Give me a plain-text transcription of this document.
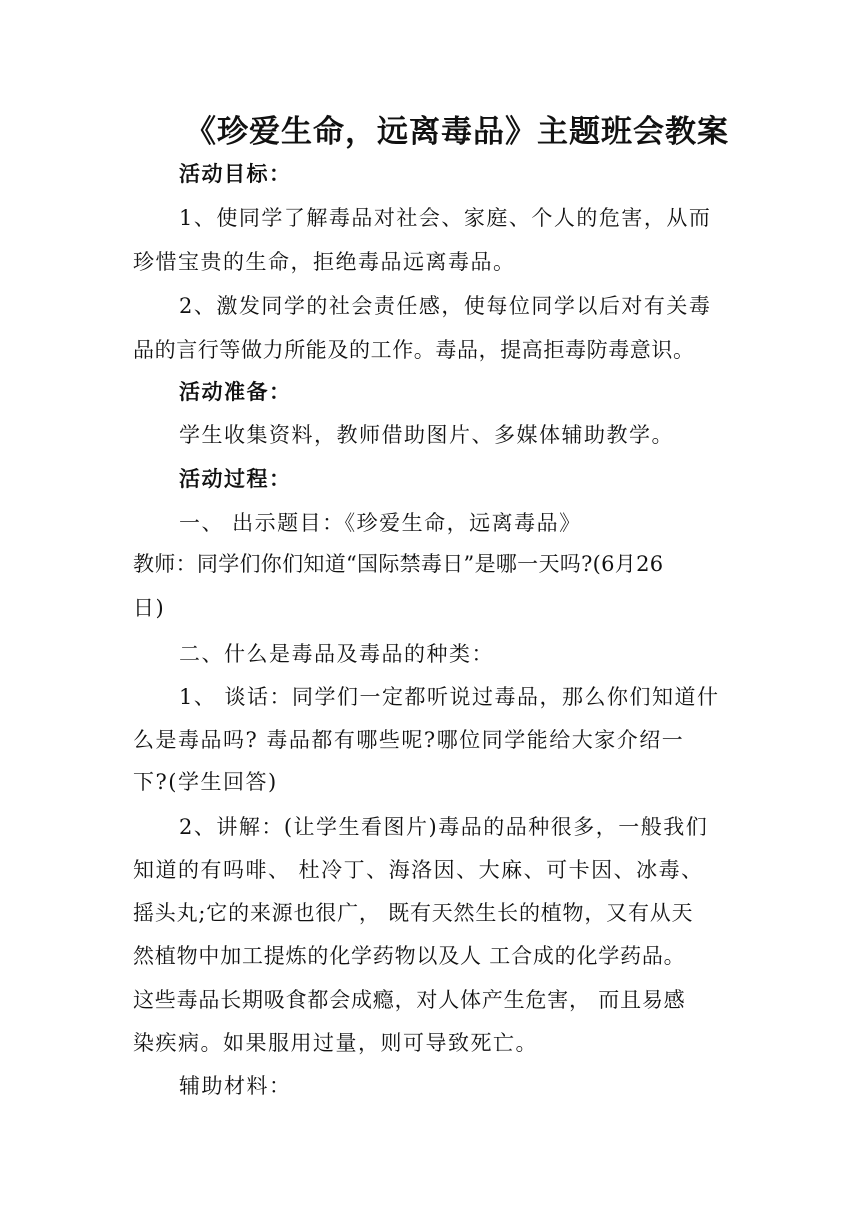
《珍爱生命，远离毒品》主题班会教案
活动目标：
1、使同学了解毒品对社会、家庭、个人的危害，从而
珍惜宝贵的生命，拒绝毒品远离毒品。
2、激发同学的社会责任感，使每位同学以后对有关毒
品的言行等做力所能及的工作。毒品，提高拒毒防毒意识。
活动准备：
学生收集资料，教师借助图片、多媒体辅助教学。
活动过程：
一、 出示题目：《珍爱生命，远离毒品》
教师：同学们你们知道“国际禁毒日”是哪一天吗?(6月26
日)
二、什么是毒品及毒品的种类：
1、 谈话：同学们一定都听说过毒品，那么你们知道什
么是毒品吗? 毒品都有哪些呢?哪位同学能给大家介绍一
下?(学生回答)
2、讲解：(让学生看图片)毒品的品种很多，一般我们
知道的有吗啡、 杜冷丁、海洛因、大麻、可卡因、冰毒、
摇头丸;它的来源也很广， 既有天然生长的植物，又有从天
然植物中加工提炼的化学药物以及人 工合成的化学药品。
这些毒品长期吸食都会成瘾，对人体产生危害， 而且易感
染疾病。如果服用过量，则可导致死亡。
辅助材料：
